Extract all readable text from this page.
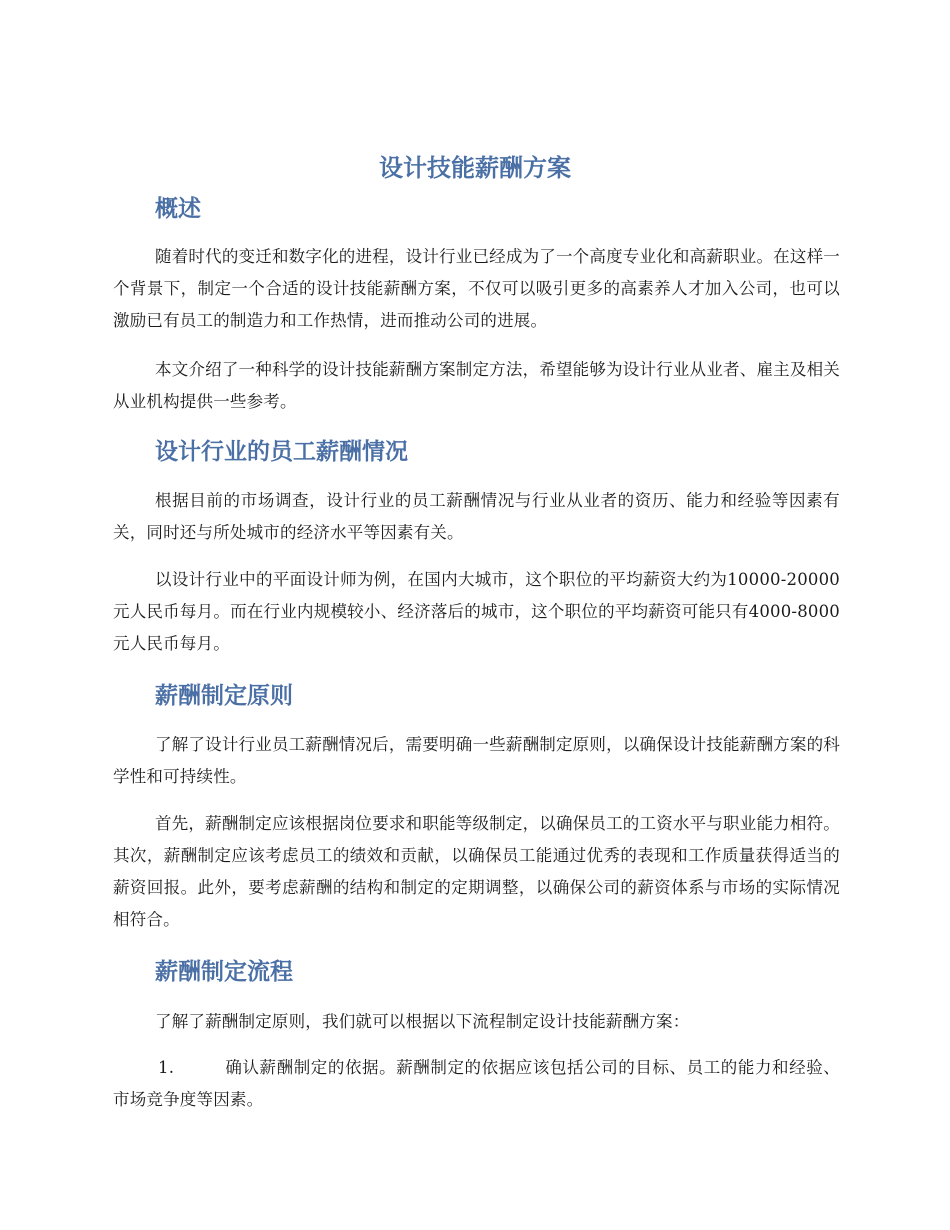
设计技能薪酬方案
概述

随着时代的变迁和数字化的进程，设计行业已经成为了一个高度专业化和高薪职业。在这样一个背景下，制定一个合适的设计技能薪酬方案，不仅可以吸引更多的高素养人才加入公司，也可以激励已有员工的制造力和工作热情，进而推动公司的进展。

本文介绍了一种科学的设计技能薪酬方案制定方法，希望能够为设计行业从业者、雇主及相关从业机构提供一些参考。

设计行业的员工薪酬情况

根据目前的市场调查，设计行业的员工薪酬情况与行业从业者的资历、能力和经验等因素有关，同时还与所处城市的经济水平等因素有关。

以设计行业中的平面设计师为例，在国内大城市，这个职位的平均薪资大约为10000-20000元人民币每月。而在行业内规模较小、经济落后的城市，这个职位的平均薪资可能只有4000-8000元人民币每月。

薪酬制定原则

了解了设计行业员工薪酬情况后，需要明确一些薪酬制定原则，以确保设计技能薪酬方案的科学性和可持续性。

首先，薪酬制定应该根据岗位要求和职能等级制定，以确保员工的工资水平与职业能力相符。其次，薪酬制定应该考虑员工的绩效和贡献，以确保员工能通过优秀的表现和工作质量获得适当的薪资回报。此外，要考虑薪酬的结构和制定的定期调整，以确保公司的薪资体系与市场的实际情况相符合。

薪酬制定流程

了解了薪酬制定原则，我们就可以根据以下流程制定设计技能薪酬方案：

1.	确认薪酬制定的依据。薪酬制定的依据应该包括公司的目标、员工的能力和经验、市场竞争度等因素。
